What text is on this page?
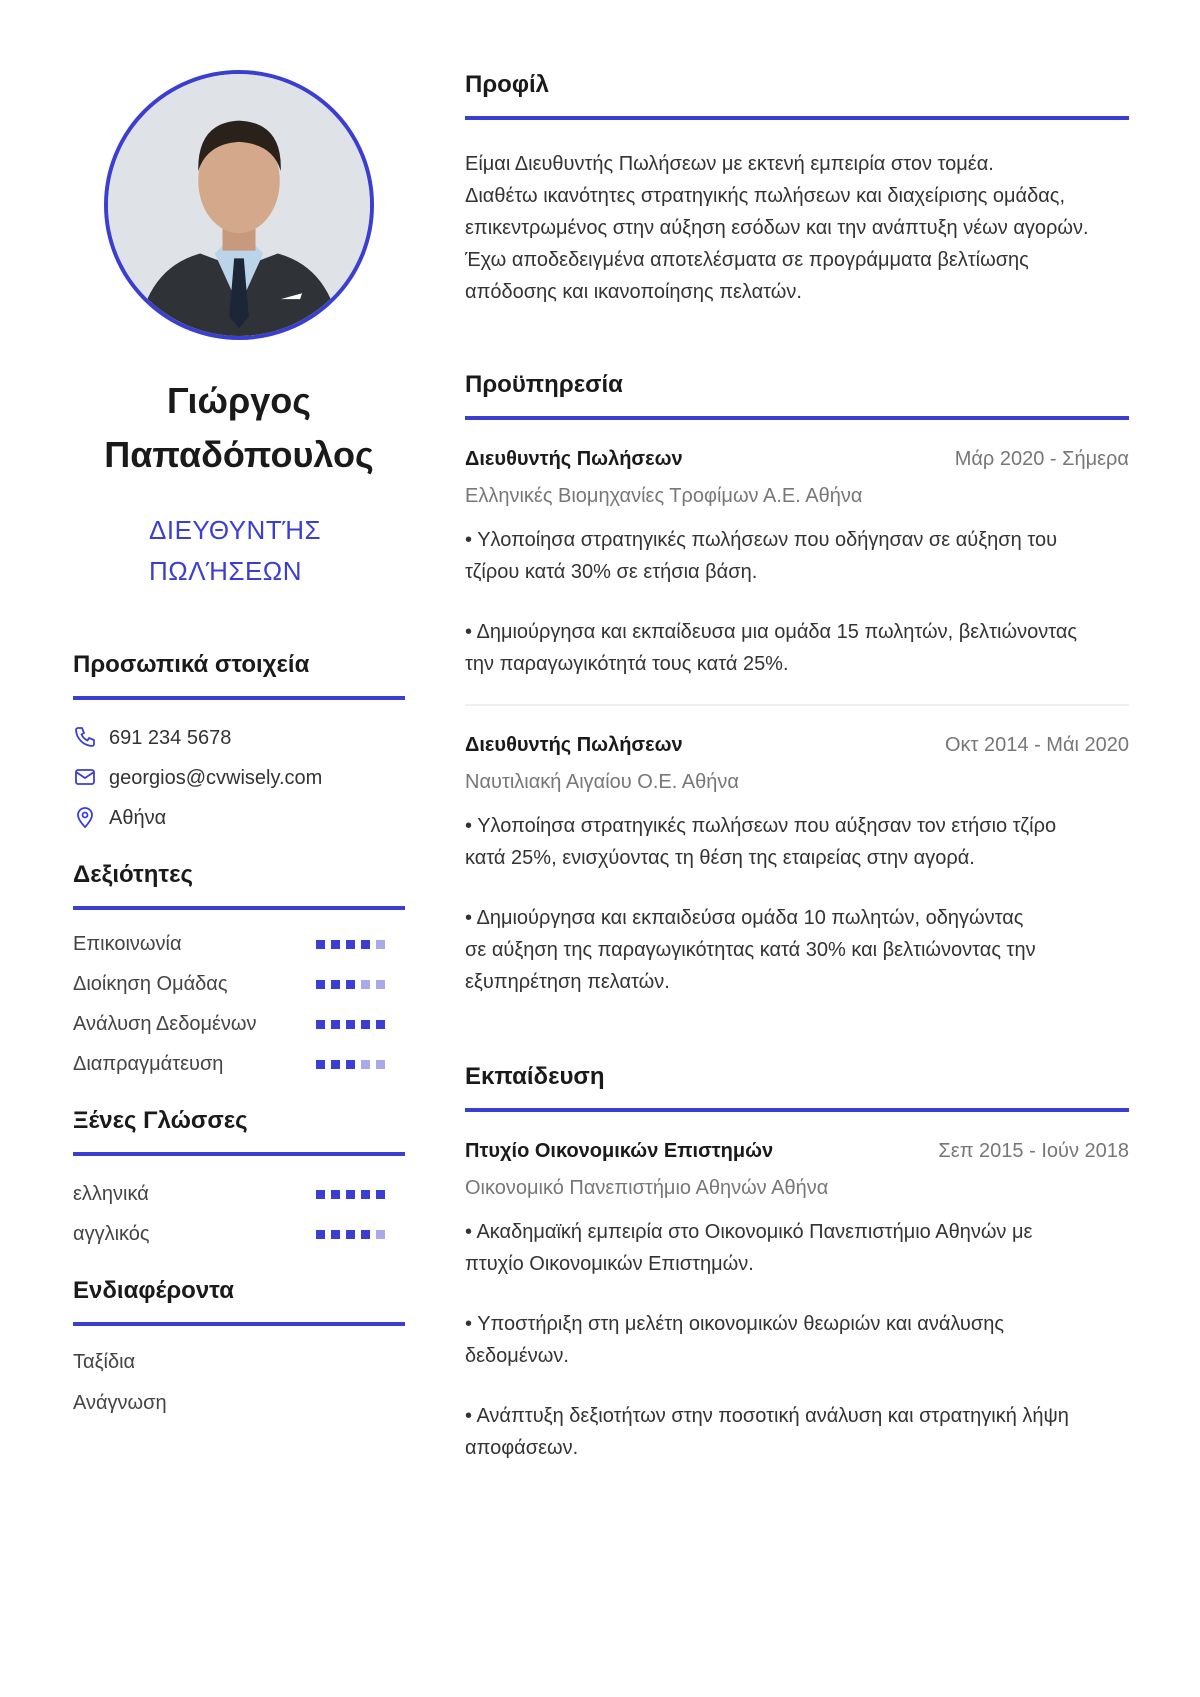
Γιώργος
Παπαδόπουλος
ΔΙΕΥΘΥΝΤΉΣ
ΠΩΛΉΣΕΩΝ
Προσωπικά στοιχεία
691 234 5678
georgios@cvwisely.com
Αθήνα
Δεξιότητες
Επικοινωνία
Διοίκηση Ομάδας
Ανάλυση Δεδομένων
Διαπραγμάτευση
Ξένες Γλώσσες
ελληνικά
αγγλικός
Ενδιαφέροντα
Ταξίδια
Ανάγνωση
Προφίλ
Είμαι Διευθυντής Πωλήσεων με εκτενή εμπειρία στον τομέα.
Διαθέτω ικανότητες στρατηγικής πωλήσεων και διαχείρισης ομάδας,
επικεντρωμένος στην αύξηση εσόδων και την ανάπτυξη νέων αγορών.
Έχω αποδεδειγμένα αποτελέσματα σε προγράμματα βελτίωσης
απόδοσης και ικανοποίησης πελατών.
Προϋπηρεσία
Διευθυντής Πωλήσεων	Μάρ 2020 - Σήμερα
Ελληνικές Βιομηχανίες Τροφίμων Α.Ε. Αθήνα
• Υλοποίησα στρατηγικές πωλήσεων που οδήγησαν σε αύξηση του
τζίρου κατά 30% σε ετήσια βάση.
• Δημιούργησα και εκπαίδευσα μια ομάδα 15 πωλητών, βελτιώνοντας
την παραγωγικότητά τους κατά 25%.
Διευθυντής Πωλήσεων	Οκτ 2014 - Μάι 2020
Ναυτιλιακή Αιγαίου Ο.Ε. Αθήνα
• Υλοποίησα στρατηγικές πωλήσεων που αύξησαν τον ετήσιο τζίρο
κατά 25%, ενισχύοντας τη θέση της εταιρείας στην αγορά.
• Δημιούργησα και εκπαιδεύσα ομάδα 10 πωλητών, οδηγώντας
σε αύξηση της παραγωγικότητας κατά 30% και βελτιώνοντας την
εξυπηρέτηση πελατών.
Εκπαίδευση
Πτυχίο Οικονομικών Επιστημών	Σεπ 2015 - Ιούν 2018
Οικονομικό Πανεπιστήμιο Αθηνών Αθήνα
• Ακαδημαϊκή εμπειρία στο Οικονομικό Πανεπιστήμιο Αθηνών με
πτυχίο Οικονομικών Επιστημών.
• Υποστήριξη στη μελέτη οικονομικών θεωριών και ανάλυσης
δεδομένων.
• Ανάπτυξη δεξιοτήτων στην ποσοτική ανάλυση και στρατηγική λήψη
αποφάσεων.
